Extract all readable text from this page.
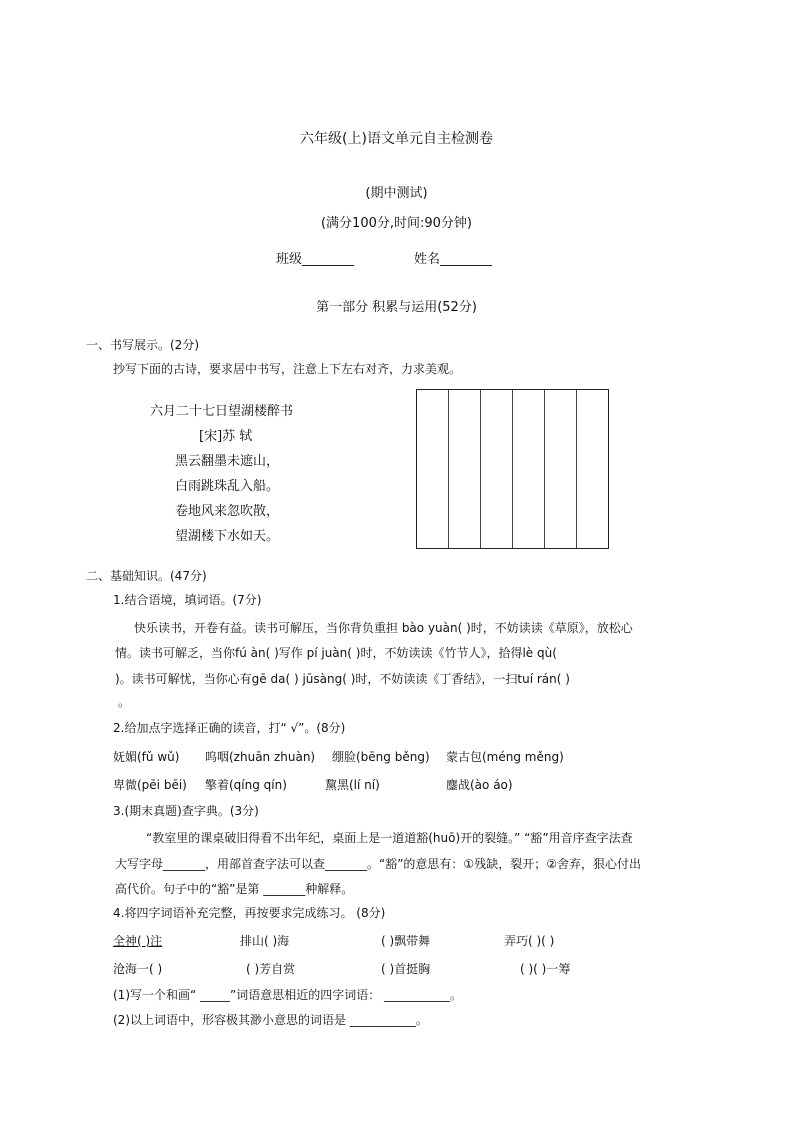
六年级(上)语文单元自主检测卷
(期中测试)
(满分100分,时间:90分钟)
班级________	姓名________
第一部分 积累与运用(52分)
一、书写展示。(2分)
抄写下面的古诗，要求居中书写，注意上下左右对齐，力求美观。
六月二十七日望湖楼醉书
[宋]苏 轼
黑云翻墨未遮山，
白雨跳珠乱入船。
卷地风来忽吹散，
望湖楼下水如天。
二、基础知识。(47分)
1.结合语境，填词语。(7分)
快乐读书，开卷有益。读书可解压，当你背负重担 bào yuàn( )时，不妨读读《草原》，放松心
情。读书可解乏，当你fú àn( )写作 pí juàn( )时，不妨读读《竹节人》，拾得lè qù(
)。读书可解忧，当你心有gē da( ) jūsàng( )时，不妨读读《丁香结》，一扫tuí rán( )
。
2.给加点字选择正确的读音，打“ √”。(8分)
妩媚(fǔ wǔ) 呜咽(zhuān zhuàn) 绷脸(bēng běng) 蒙古包(méng měng)
卑微(pēi bēi) 擎着(qíng qín)	黧黑(lí ní)	鏖战(ào áo)
3.(期末真题)查字典。(3分)
“教室里的课桌破旧得看不出年纪，桌面上是一道道豁(huō)开的裂缝。” “豁”用音序查字法查
大写字母_______，用部首查字法可以查_______。“豁”的意思有：①残缺，裂开；②舍弃，狠心付出
高代价。句子中的“豁”是第 _______种解释。
4.将四字词语补充完整，再按要求完成练习。 (8分)
全神( )注	排山( )海	( )飘带舞	弄巧( )( )
沧海一( )	( )芳自赏	( )首挺胸	( )( )一筹
(1)写一个和画“ _____”词语意思相近的四字词语： ___________。
(2)以上词语中，形容极其渺小意思的词语是 ___________。
